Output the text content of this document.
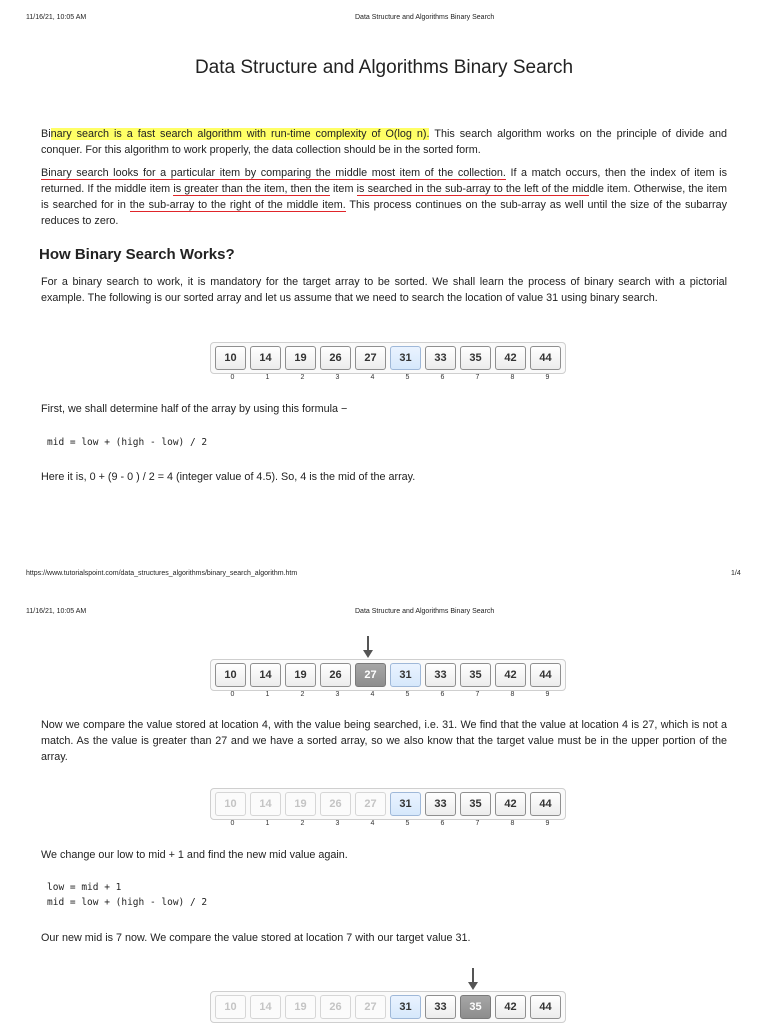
11/16/21, 10:05 AM	Data Structure and Algorithms Binary Search
Data Structure and Algorithms Binary Search

Binary search is a fast search algorithm with run-time complexity of Ο(log n). This search algorithm works on the principle of divide and conquer. For this algorithm to work properly, the data collection should be in the sorted form.

Binary search looks for a particular item by comparing the middle most item of the collection. If a match occurs, then the index of item is returned. If the middle item is greater than the item, then the item is searched in the sub-array to the left of the middle item. Otherwise, the item is searched for in the sub-array to the right of the middle item. This process continues on the sub-array as well until the size of the subarray reduces to zero.

How Binary Search Works?
For a binary search to work, it is mandatory for the target array to be sorted. We shall learn the process of binary search with a pictorial example. The following is our sorted array and let us assume that we need to search the location of value 31 using binary search.
10	14	19	26	27	31	33	35	42	44
0	1	2	3	4	5	6	7	8	9
First, we shall determine half of the array by using this formula −
mid = low + (high - low) / 2
Here it is, 0 + (9 - 0 ) / 2 = 4 (integer value of 4.5). So, 4 is the mid of the array.
https://www.tutorialspoint.com/data_structures_algorithms/binary_search_algorithm.htm	1/4
11/16/21, 10:05 AM	Data Structure and Algorithms Binary Search
10	14	19	26	27	31	33	35	42	44
0	1	2	3	4	5	6	7	8	9
Now we compare the value stored at location 4, with the value being searched, i.e. 31. We find that the value at location 4 is 27, which is not a match. As the value is greater than 27 and we have a sorted array, so we also know that the target value must be in the upper portion of the array.
10	14	19	26	27	31	33	35	42	44
0	1	2	3	4	5	6	7	8	9
We change our low to mid + 1 and find the new mid value again.
low = mid + 1
mid = low + (high - low) / 2
Our new mid is 7 now. We compare the value stored at location 7 with our target value 31.
10	14	19	26	27	31	33	35	42	44
